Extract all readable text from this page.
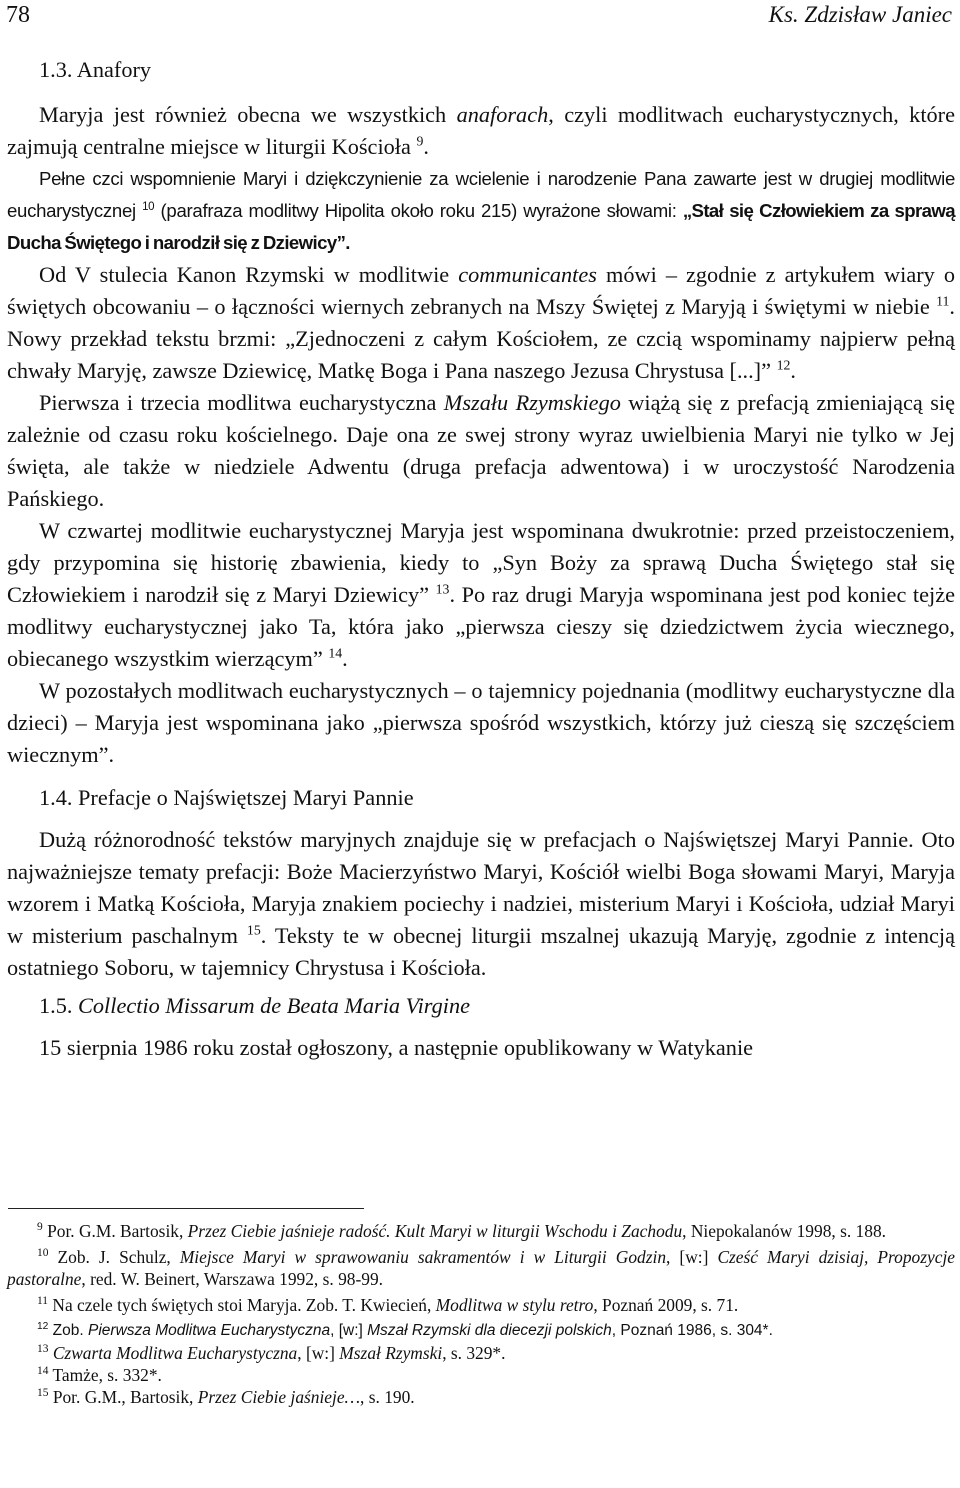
78	Ks. Zdzisław Janiec
1.3. Anafory

Maryja jest również obecna we wszystkich anaforach, czyli modlitwach eucharystycznych, które zajmują centralne miejsce w liturgii Kościoła $^9$.

Pełne czci wspomnienie Maryi i dziękczynienie za wcielenie i narodzenie Pana zawarte jest w drugiej modlitwie eucharystycznej $^{10}$ (parafraza modlitwy Hipolita około roku 215) wyrażone słowami: „Stał się Człowiekiem za sprawą Ducha Świętego i narodził się z Dziewicy”.

Od V stulecia Kanon Rzymski w modlitwie communicantes mówi – zgodnie z artykułem wiary o świętych obcowaniu – o łączności wiernych zebranych na Mszy Świętej z Maryją i świętymi w niebie $^{11}$. Nowy przekład tekstu brzmi: „Zjednoczeni z całym Kościołem, ze czcią wspominamy najpierw pełną chwały Maryję, zawsze Dziewicę, Matkę Boga i Pana naszego Jezusa Chrystusa [...]” $^{12}$.

Pierwsza i trzecia modlitwa eucharystyczna Mszału Rzymskiego wiążą się z prefacją zmieniającą się zależnie od czasu roku kościelnego. Daje ona ze swej strony wyraz uwielbienia Maryi nie tylko w Jej święta, ale także w niedziele Adwentu (druga prefacja adwentowa) i w uroczystość Narodzenia Pańskiego.

W czwartej modlitwie eucharystycznej Maryja jest wspominana dwukrotnie: przed przeistoczeniem, gdy przypomina się historię zbawienia, kiedy to „Syn Boży za sprawą Ducha Świętego stał się Człowiekiem i narodził się z Maryi Dziewicy” $^{13}$. Po raz drugi Maryja wspominana jest pod koniec tejże modlitwy eucharystycznej jako Ta, która jako „pierwsza cieszy się dziedzictwem życia wiecznego, obiecanego wszystkim wierzącym” $^{14}$.

W pozostałych modlitwach eucharystycznych – o tajemnicy pojednania (modlitwy eucharystyczne dla dzieci) – Maryja jest wspominana jako „pierwsza spośród wszystkich, którzy już cieszą się szczęściem wiecznym”.

1.4. Prefacje o Najświętszej Maryi Pannie

Dużą różnorodność tekstów maryjnych znajduje się w prefacjach o Najświętszej Maryi Pannie. Oto najważniejsze tematy prefacji: Boże Macierzyństwo Maryi, Kościół wielbi Boga słowami Maryi, Maryja wzorem i Matką Kościoła, Maryja znakiem pociechy i nadziei, misterium Maryi i Kościoła, udział Maryi w misterium paschalnym $^{15}$. Teksty te w obecnej liturgii mszalnej ukazują Maryję, zgodnie z intencją ostatniego Soboru, w tajemnicy Chrystusa i Kościoła.

1.5. Collectio Missarum de Beata Maria Virgine

15 sierpnia 1986 roku został ogłoszony, a następnie opublikowany w Watykanie

$^9$ Por. G.M. Bartosik, Przez Ciebie jaśnieje radość. Kult Maryi w liturgii Wschodu i Zachodu, Niepokalanów 1998, s. 188.

$^{10}$ Zob. J. Schulz, Miejsce Maryi w sprawowaniu sakramentów i w Liturgii Godzin, [w:] Cześć Maryi dzisiaj, Propozycje pastoralne, red. W. Beinert, Warszawa 1992, s. 98-99.

$^{11}$ Na czele tych świętych stoi Maryja. Zob. T. Kwiecień, Modlitwa w stylu retro, Poznań 2009, s. 71.

$^{12}$ Zob. Pierwsza Modlitwa Eucharystyczna, [w:] Mszał Rzymski dla diecezji polskich, Poznań 1986, s. 304*.

$^{13}$ Czwarta Modlitwa Eucharystyczna, [w:] Mszał Rzymski, s. 329*.

$^{14}$ Tamże, s. 332*.

$^{15}$ Por. G.M., Bartosik, Przez Ciebie jaśnieje…, s. 190.
